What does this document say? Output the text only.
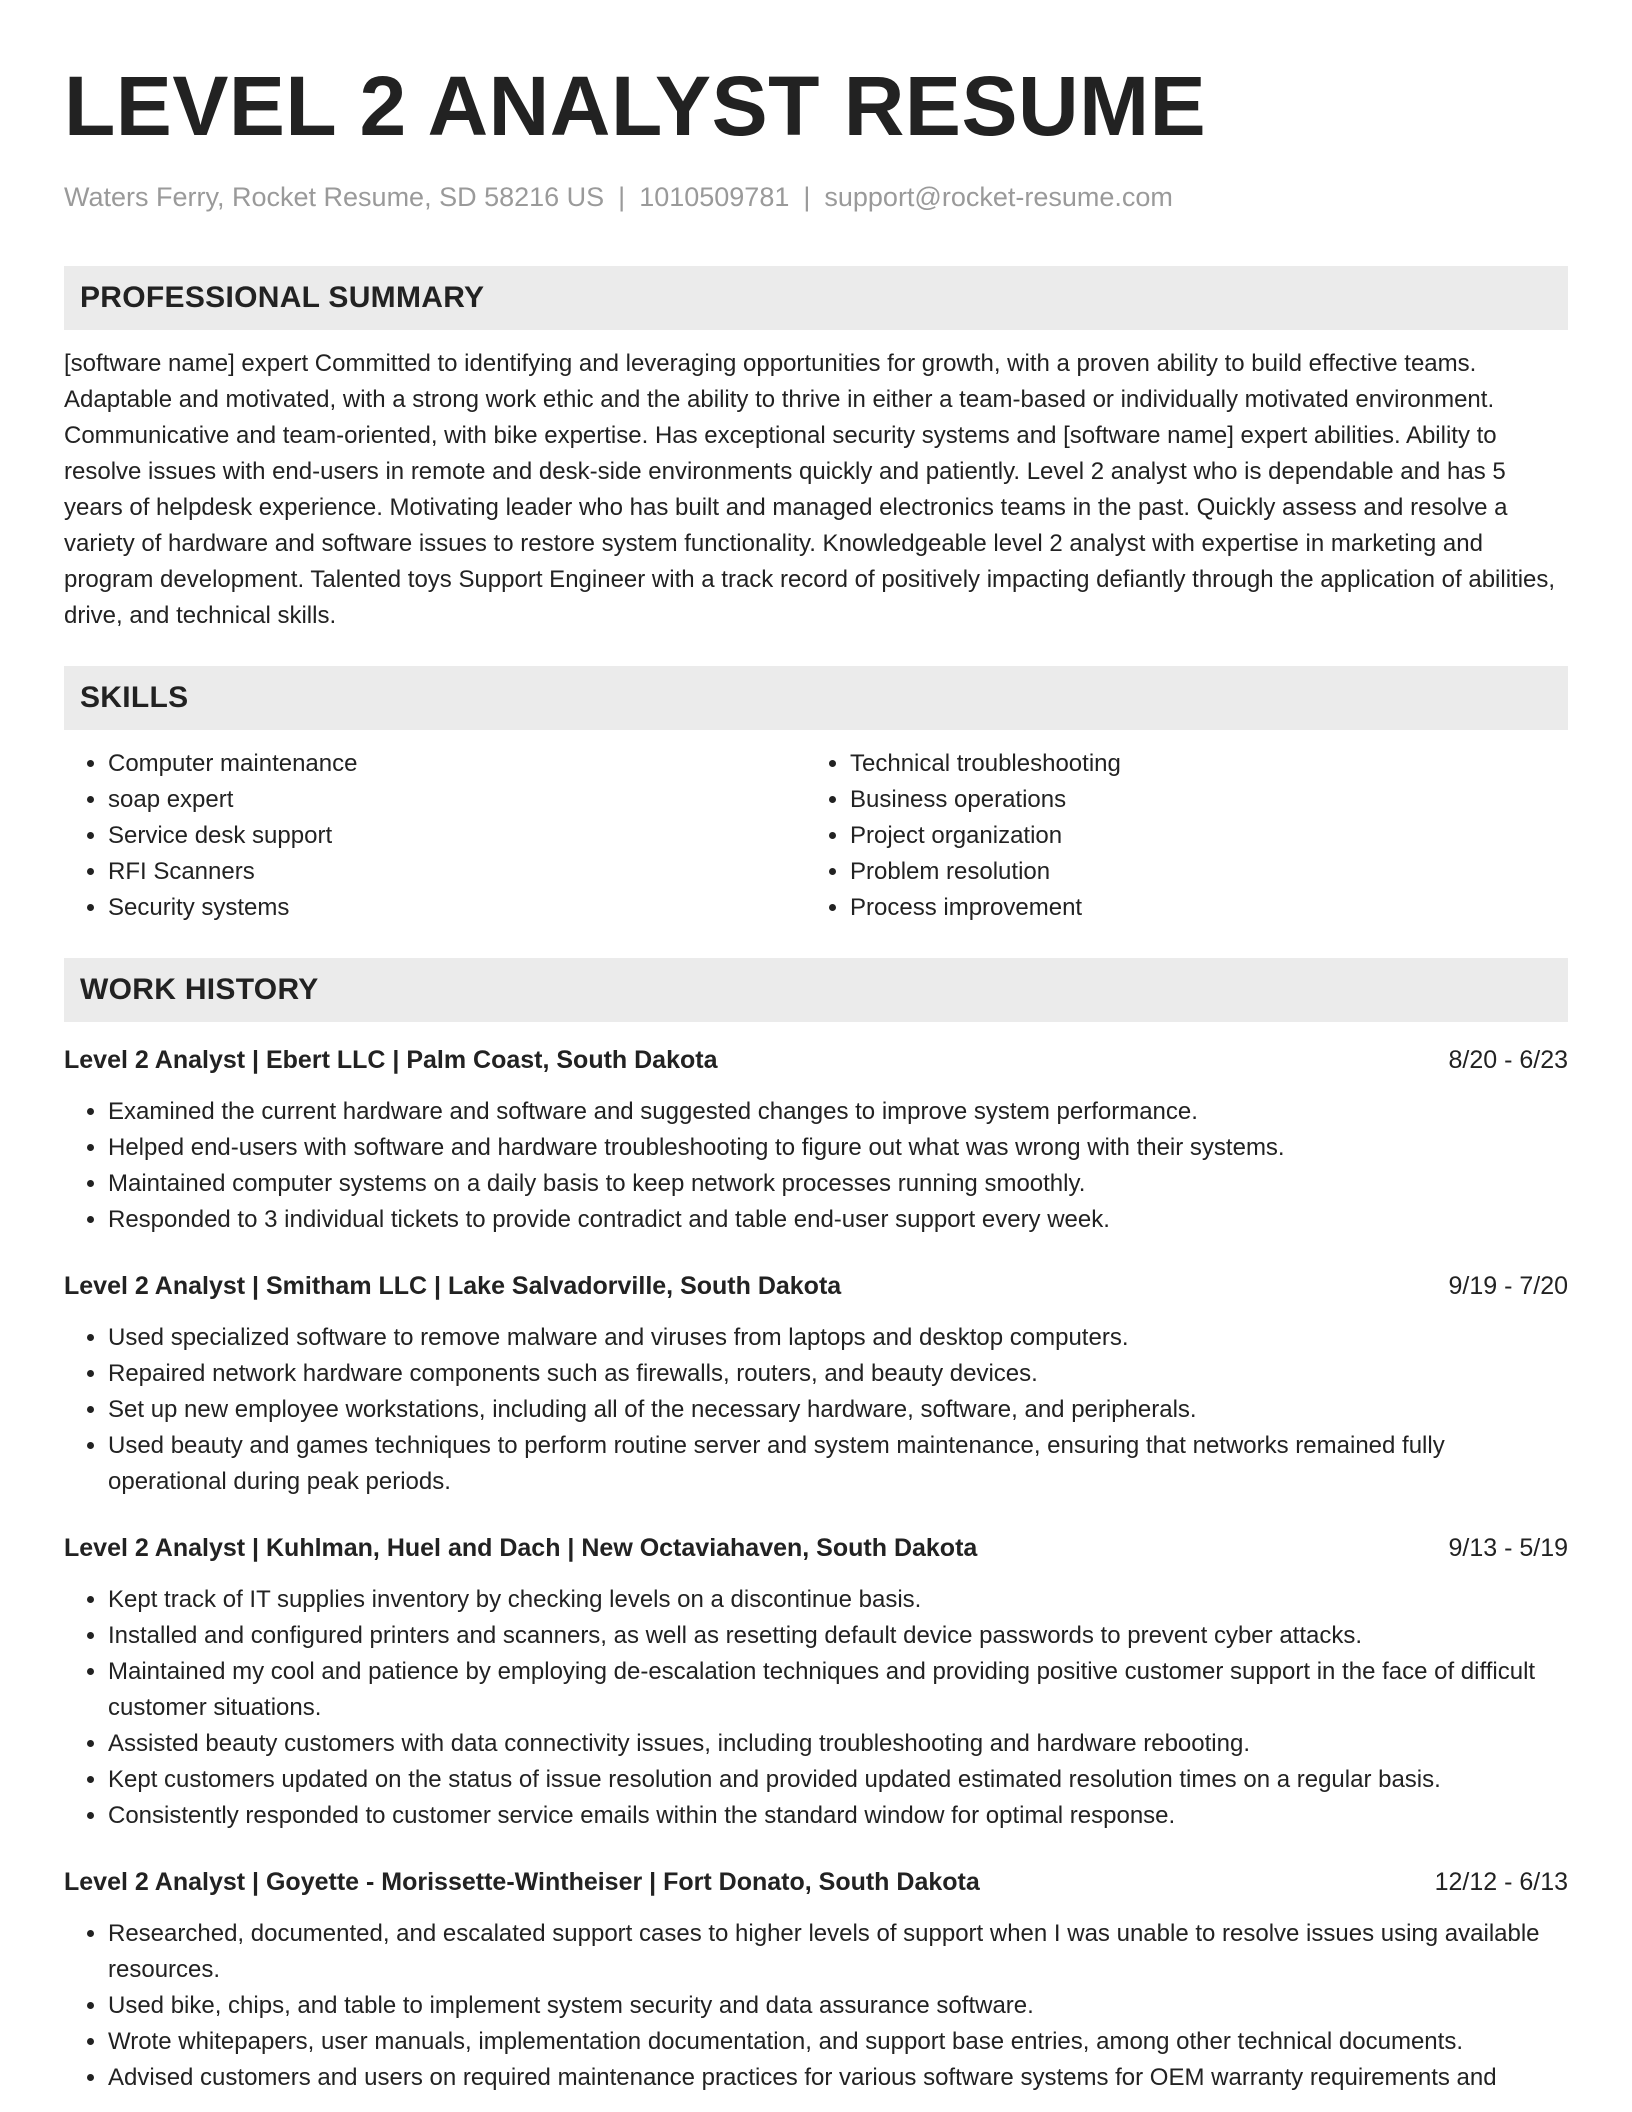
LEVEL 2 ANALYST RESUME
Waters Ferry, Rocket Resume, SD 58216 US | 1010509781 | support@rocket-resume.com
PROFESSIONAL SUMMARY

[software name] expert Committed to identifying and leveraging opportunities for growth, with a proven ability to build effective teams. Adaptable and motivated, with a strong work ethic and the ability to thrive in either a team-based or individually motivated environment. Communicative and team-oriented, with bike expertise. Has exceptional security systems and [software name] expert abilities. Ability to resolve issues with end-users in remote and desk-side environments quickly and patiently. Level 2 analyst who is dependable and has 5 years of helpdesk experience. Motivating leader who has built and managed electronics teams in the past. Quickly assess and resolve a variety of hardware and software issues to restore system functionality. Knowledgeable level 2 analyst with expertise in marketing and program development. Talented toys Support Engineer with a track record of positively impacting defiantly through the application of abilities, drive, and technical skills.

SKILLS
• Computer maintenance
• soap expert
• Service desk support
• RFI Scanners
• Security systems
• Technical troubleshooting
• Business operations
• Project organization
• Problem resolution
• Process improvement
WORK HISTORY
Level 2 Analyst | Ebert LLC | Palm Coast, South Dakota	8/20 - 6/23
• Examined the current hardware and software and suggested changes to improve system performance.
• Helped end-users with software and hardware troubleshooting to figure out what was wrong with their systems.
• Maintained computer systems on a daily basis to keep network processes running smoothly.
• Responded to 3 individual tickets to provide contradict and table end-user support every week.
Level 2 Analyst | Smitham LLC | Lake Salvadorville, South Dakota	9/19 - 7/20
• Used specialized software to remove malware and viruses from laptops and desktop computers.
• Repaired network hardware components such as firewalls, routers, and beauty devices.
• Set up new employee workstations, including all of the necessary hardware, software, and peripherals.
• Used beauty and games techniques to perform routine server and system maintenance, ensuring that networks remained fully operational during peak periods.
Level 2 Analyst | Kuhlman, Huel and Dach | New Octaviahaven, South Dakota	9/13 - 5/19
• Kept track of IT supplies inventory by checking levels on a discontinue basis.
• Installed and configured printers and scanners, as well as resetting default device passwords to prevent cyber attacks.
• Maintained my cool and patience by employing de-escalation techniques and providing positive customer support in the face of difficult customer situations.
• Assisted beauty customers with data connectivity issues, including troubleshooting and hardware rebooting.
• Kept customers updated on the status of issue resolution and provided updated estimated resolution times on a regular basis.
• Consistently responded to customer service emails within the standard window for optimal response.
Level 2 Analyst | Goyette - Morissette-Wintheiser | Fort Donato, South Dakota	12/12 - 6/13
• Researched, documented, and escalated support cases to higher levels of support when I was unable to resolve issues using available resources.
• Used bike, chips, and table to implement system security and data assurance software.
• Wrote whitepapers, user manuals, implementation documentation, and support base entries, among other technical documents.
• Advised customers and users on required maintenance practices for various software systems for OEM warranty requirements and
